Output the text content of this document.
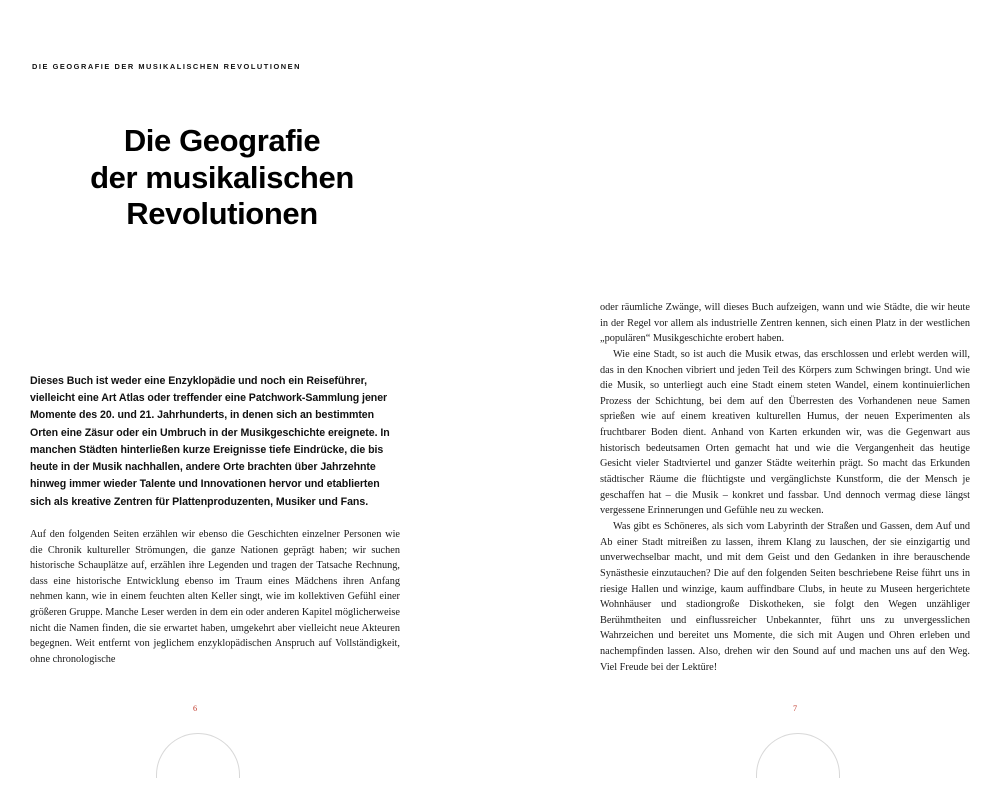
DIE GEOGRAFIE DER MUSIKALISCHEN REVOLUTIONEN
Die Geografie
der musikalischen
Revolutionen
Dieses Buch ist weder eine Enzyklopädie und noch ein Reiseführer, vielleicht eine Art Atlas oder treffender eine Patchwork-Sammlung jener Momente des 20. und 21. Jahrhunderts, in denen sich an bestimmten Orten eine Zäsur oder ein Umbruch in der Musikgeschichte ereignete. In manchen Städten hinterließen kurze Ereignisse tiefe Eindrücke, die bis heute in der Musik nachhallen, andere Orte brachten über Jahrzehnte hinweg immer wieder Talente und Innovationen hervor und etablierten sich als kreative Zentren für Plattenproduzenten, Musiker und Fans.

Auf den folgenden Seiten erzählen wir ebenso die Geschichten einzelner Personen wie die Chronik kultureller Strömungen, die ganze Nationen geprägt haben; wir suchen historische Schauplätze auf, erzählen ihre Legenden und tragen der Tatsache Rechnung, dass eine historische Entwicklung ebenso im Traum eines Mädchens ihren Anfang nehmen kann, wie in einem feuchten alten Keller singt, wie im kollektiven Gefühl einer größeren Gruppe. Manche Leser werden in dem ein oder anderen Kapitel möglicherweise nicht die Namen finden, die sie erwartet haben, umgekehrt aber vielleicht neue Akteuren begegnen. Weit entfernt von jeglichem enzyklopädischen Anspruch auf Vollständigkeit, ohne chronologische

6

oder räumliche Zwänge, will dieses Buch aufzeigen, wann und wie Städte, die wir heute in der Regel vor allem als industrielle Zentren kennen, sich einen Platz in der westlichen „populären“ Musikgeschichte erobert haben.

Wie eine Stadt, so ist auch die Musik etwas, das erschlossen und erlebt werden will, das in den Knochen vibriert und jeden Teil des Körpers zum Schwingen bringt. Und wie die Musik, so unterliegt auch eine Stadt einem steten Wandel, einem kontinuierlichen Prozess der Schichtung, bei dem auf den Überresten des Vorhandenen neue Samen sprießen wie auf einem kreativen kulturellen Humus, der neuen Experimenten als fruchtbarer Boden dient. Anhand von Karten erkunden wir, was die Gegenwart aus historisch bedeutsamen Orten gemacht hat und wie die Vergangenheit das heutige Gesicht vieler Stadtviertel und ganzer Städte weiterhin prägt. So macht das Erkunden städtischer Räume die flüchtigste und vergänglichste Kunstform, die der Mensch je geschaffen hat – die Musik – konkret und fassbar. Und dennoch vermag diese längst vergessene Erinnerungen und Gefühle neu zu wecken.

Was gibt es Schöneres, als sich vom Labyrinth der Straßen und Gassen, dem Auf und Ab einer Stadt mitreißen zu lassen, ihrem Klang zu lauschen, der sie einzigartig und unverwechselbar macht, und mit dem Geist und den Gedanken in ihre berauschende Synästhesie einzutauchen? Die auf den folgenden Seiten beschriebene Reise führt uns in riesige Hallen und winzige, kaum auffindbare Clubs, in heute zu Museen hergerichtete Wohnhäuser und stadiongroße Diskotheken, sie folgt den Wegen unzähliger Berühmtheiten und einflussreicher Unbekannter, führt uns zu unvergesslichen Wahrzeichen und bereitet uns Momente, die sich mit Augen und Ohren erleben und nachempfinden lassen. Also, drehen wir den Sound auf und machen uns auf den Weg. Viel Freude bei der Lektüre!

7
